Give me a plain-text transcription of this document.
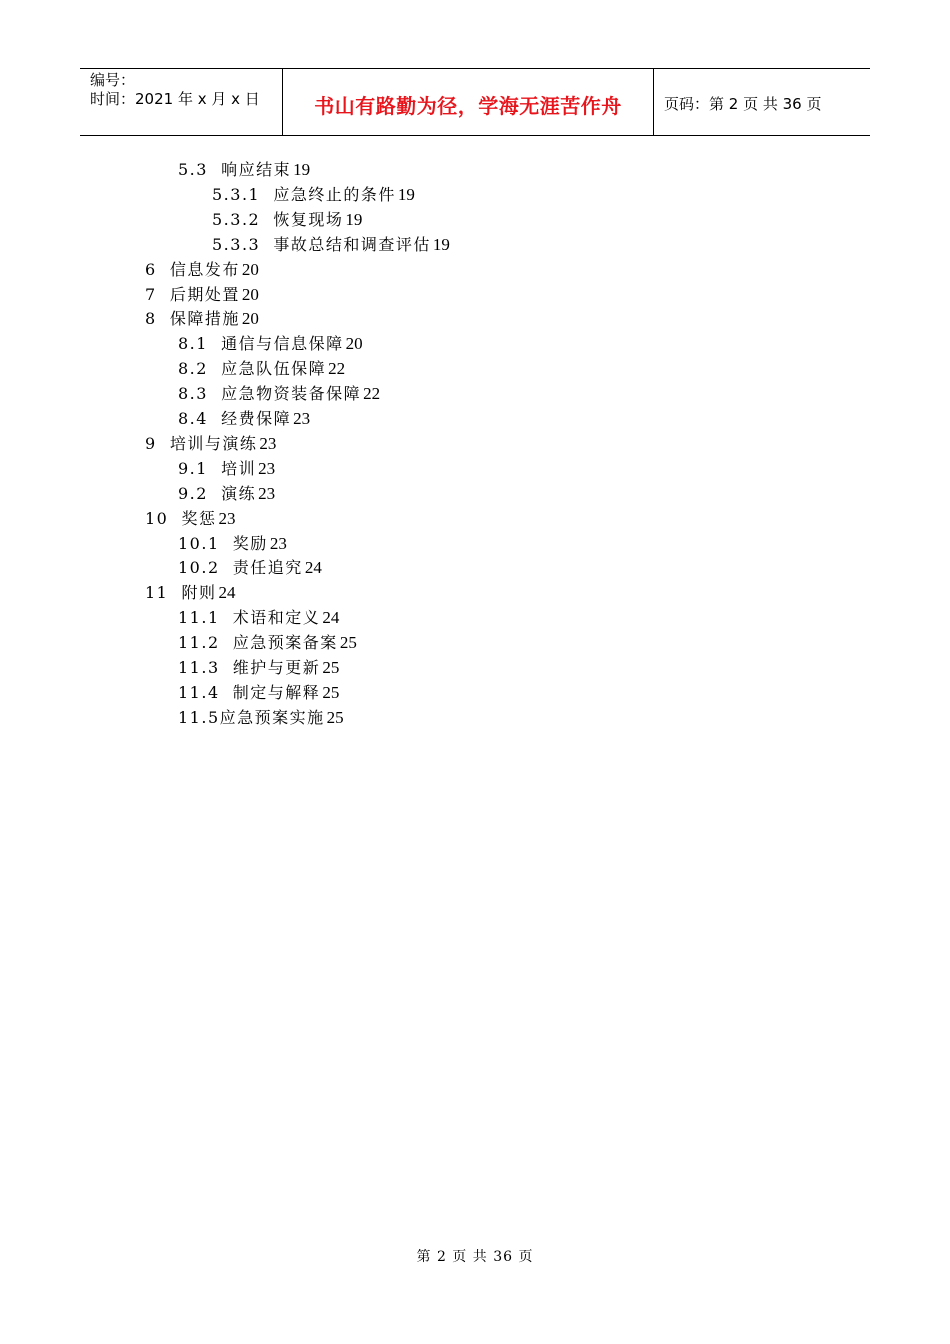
编号：
时间：2021 年 x 月 x 日	书山有路勤为径，学海无涯苦作舟	页码：第 2 页 共 36 页
5.3  响应结束 19
5.3.1  应急终止的条件 19
5.3.2  恢复现场 19
5.3.3  事故总结和调查评估 19
6  信息发布 20
7  后期处置 20
8  保障措施 20
8.1  通信与信息保障 20
8.2  应急队伍保障 22
8.3  应急物资装备保障 22
8.4  经费保障 23
9  培训与演练 23
9.1  培训 23
9.2  演练 23
10  奖惩 23
10.1  奖励 23
10.2  责任追究 24
11  附则 24
11.1  术语和定义 24
11.2  应急预案备案 25
11.3  维护与更新 25
11.4  制定与解释 25
11.5应急预案实施 25
第 2 页 共 36 页
